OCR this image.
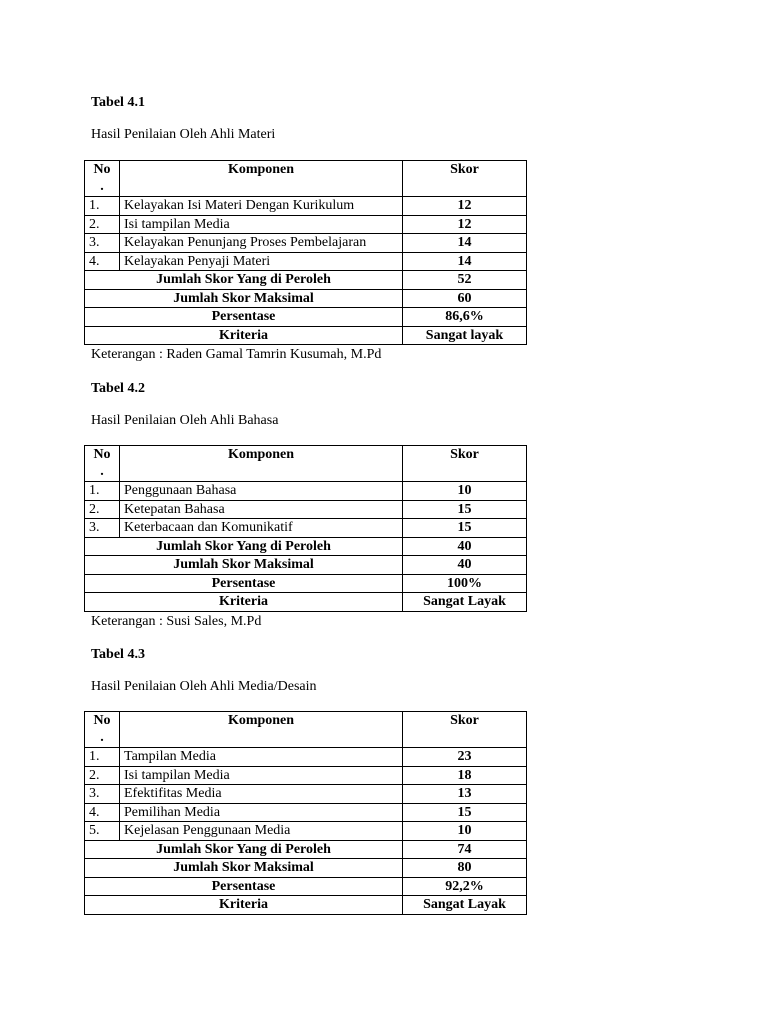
Tabel 4.1

Hasil Penilaian Oleh Ahli Materi

No
.	Komponen	Skor
1.	Kelayakan Isi Materi Dengan Kurikulum	12
2.	Isi tampilan Media	12
3.	Kelayakan Penunjang Proses Pembelajaran	14
4.	Kelayakan Penyaji Materi	14
Jumlah Skor Yang di Peroleh		52
Jumlah Skor Maksimal		60
Persentase		86,6%
Kriteria		Sangat layak
Keterangan : Raden Gamal Tamrin Kusumah, M.Pd

Tabel 4.2

Hasil Penilaian Oleh Ahli Bahasa

No
.	Komponen	Skor
1.	Penggunaan Bahasa	10
2.	Ketepatan Bahasa	15
3.	Keterbacaan dan Komunikatif	15
Jumlah Skor Yang di Peroleh		40
Jumlah Skor Maksimal		40
Persentase		100%
Kriteria		Sangat Layak
Keterangan : Susi Sales, M.Pd

Tabel 4.3

Hasil Penilaian Oleh Ahli Media/Desain

No
.	Komponen	Skor
1.	Tampilan Media	23
2.	Isi tampilan Media	18
3.	Efektifitas Media	13
4.	Pemilihan Media	15
5.	Kejelasan Penggunaan Media	10
Jumlah Skor Yang di Peroleh		74
Jumlah Skor Maksimal		80
Persentase		92,2%
Kriteria		Sangat Layak
